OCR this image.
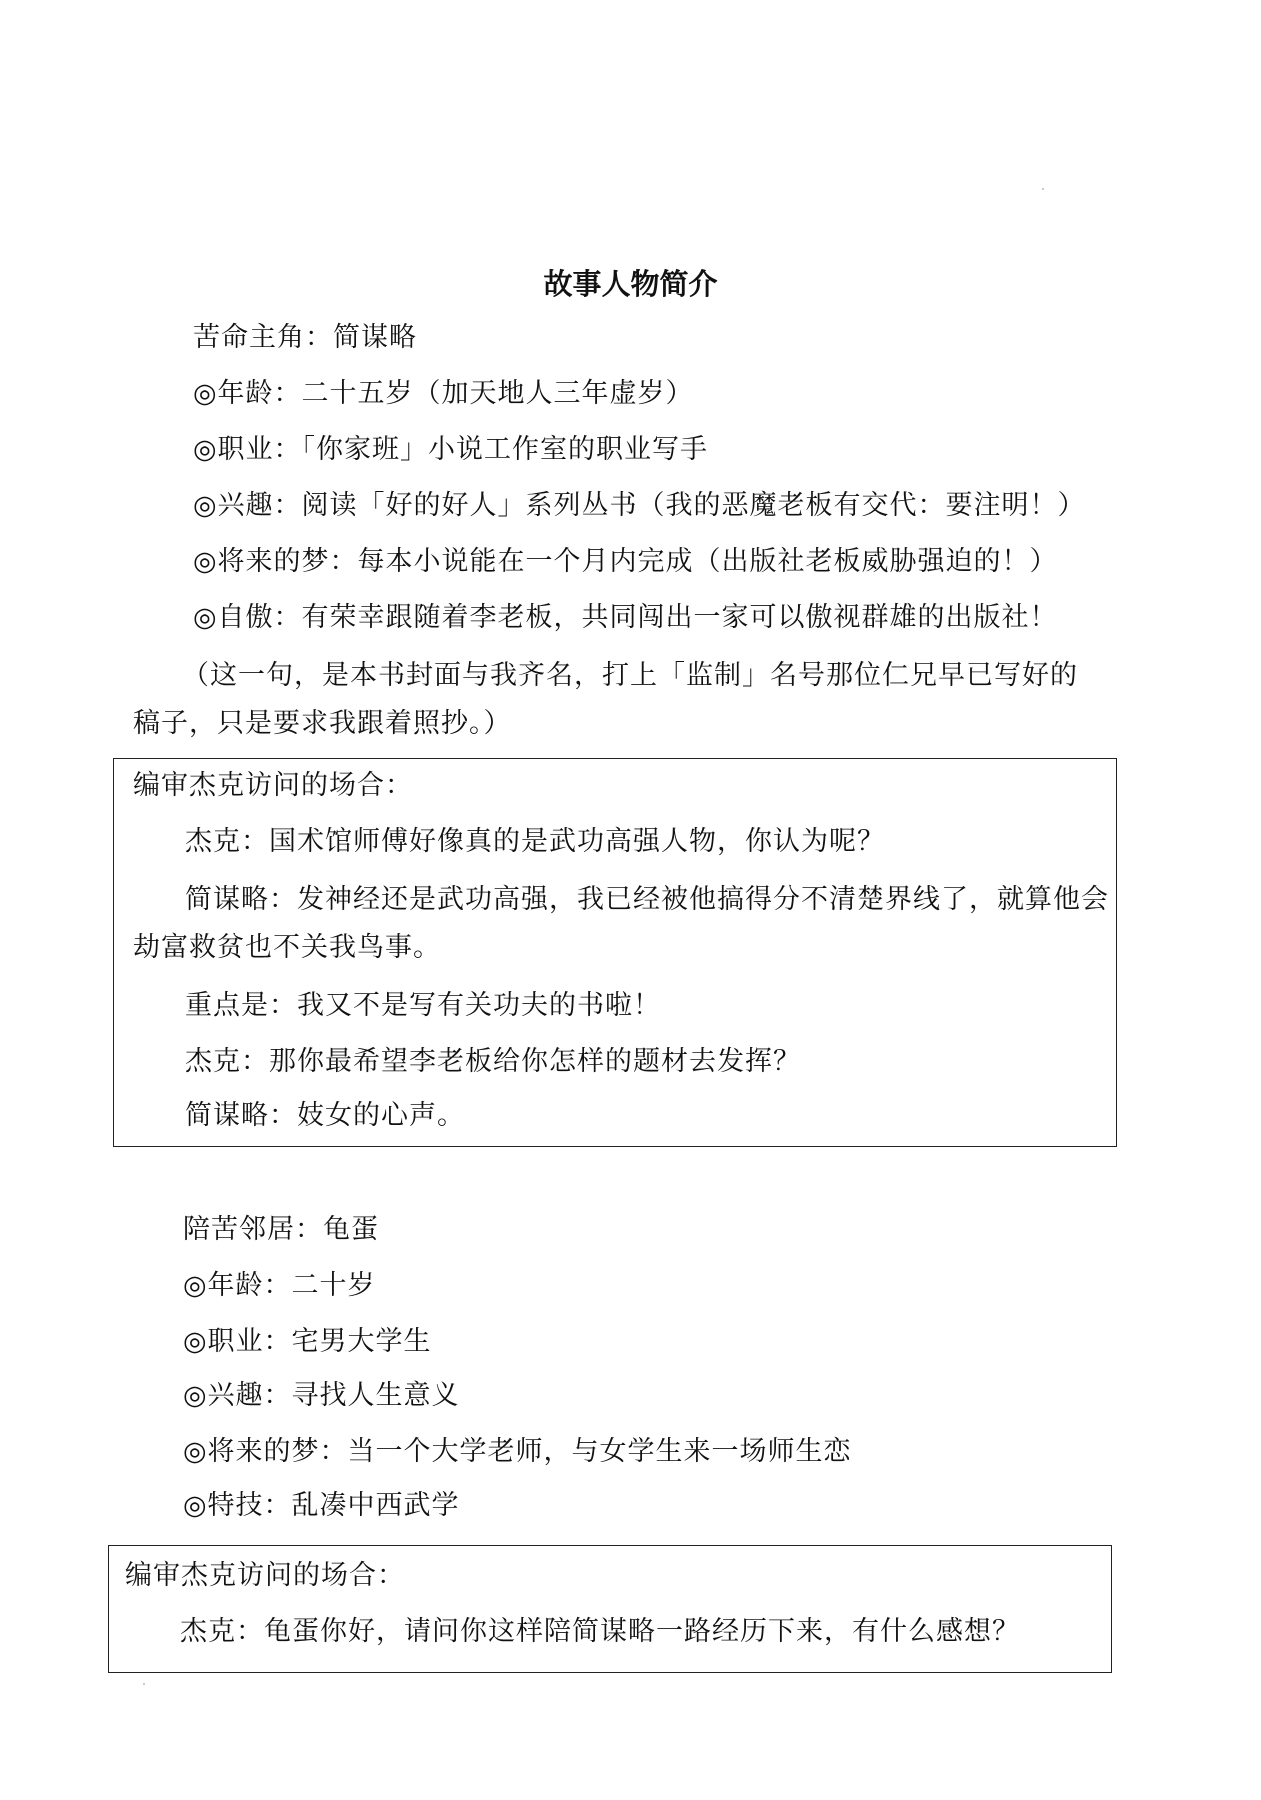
故事人物简介
苦命主角：简谋略
◎年龄：二十五岁（加天地人三年虚岁）
◎职业：「你家班」小说工作室的职业写手
◎兴趣：阅读「好的好人」系列丛书（我的恶魔老板有交代：要注明！）
◎将来的梦：每本小说能在一个月内完成（出版社老板威胁强迫的！）
◎自傲：有荣幸跟随着李老板，共同闯出一家可以傲视群雄的出版社！
（这一句，是本书封面与我齐名，打上「监制」名号那位仁兄早已写好的
稿子，只是要求我跟着照抄。）
编审杰克访问的场合：
杰克：国术馆师傅好像真的是武功高强人物，你认为呢？
简谋略：发神经还是武功高强，我已经被他搞得分不清楚界线了，就算他会
劫富救贫也不关我鸟事。
重点是：我又不是写有关功夫的书啦！
杰克：那你最希望李老板给你怎样的题材去发挥？
简谋略：妓女的心声。
陪苦邻居：龟蛋
◎年龄：二十岁
◎职业：宅男大学生
◎兴趣：寻找人生意义
◎将来的梦：当一个大学老师，与女学生来一场师生恋
◎特技：乱凑中西武学
编审杰克访问的场合：
杰克：龟蛋你好，请问你这样陪简谋略一路经历下来，有什么感想？
